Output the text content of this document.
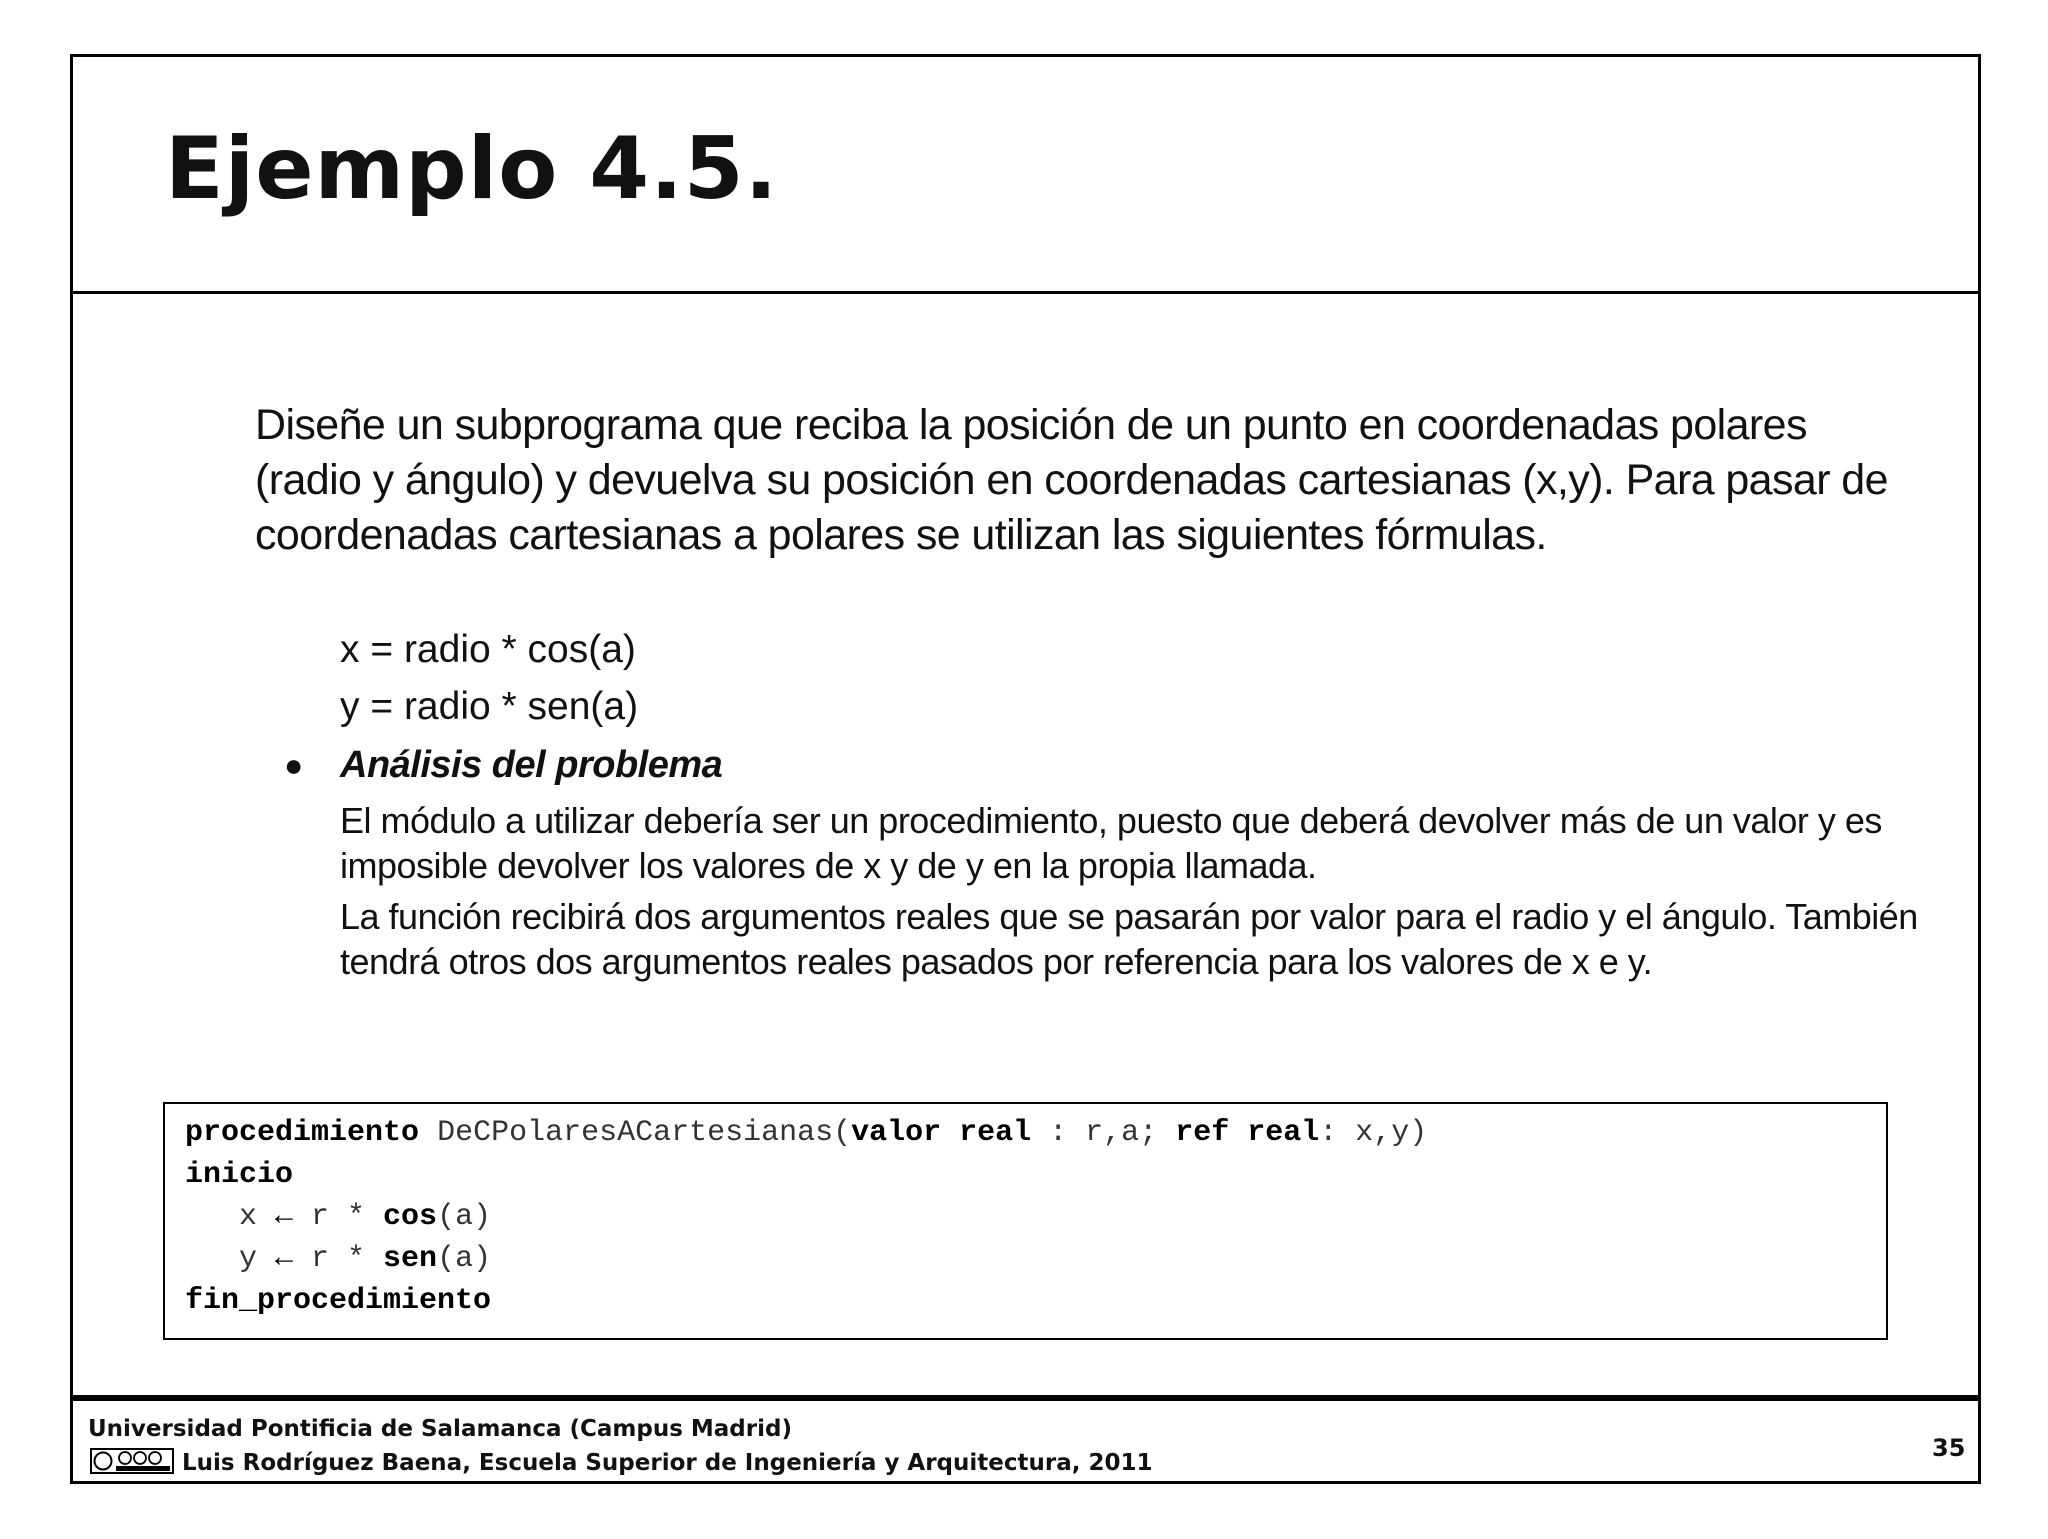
Ejemplo 4.5.

Diseñe un subprograma que reciba la posición de un punto en coordenadas polares (radio y ángulo) y devuelva su posición en coordenadas cartesianas (x,y). Para pasar de coordenadas cartesianas a polares se utilizan las siguientes fórmulas.

x = radio * cos(a)

y = radio * sen(a)

● Análisis del problema

El módulo a utilizar debería ser un procedimiento, puesto que deberá devolver más de un valor y es imposible devolver los valores de x y de y en la propia llamada.

La función recibirá dos argumentos reales que se pasarán por valor para el radio y el ángulo. También tendrá otros dos argumentos reales pasados por referencia para los valores de x e y.

procedimiento DeCPolaresACartesianas(valor real : r,a; ref real: x,y)
inicio
x ← r * cos(a)
y ← r * sen(a)
fin_procedimiento

Universidad Pontificia de Salamanca (Campus Madrid)

Luis Rodríguez Baena, Escuela Superior de Ingeniería y Arquitectura, 2011

35
